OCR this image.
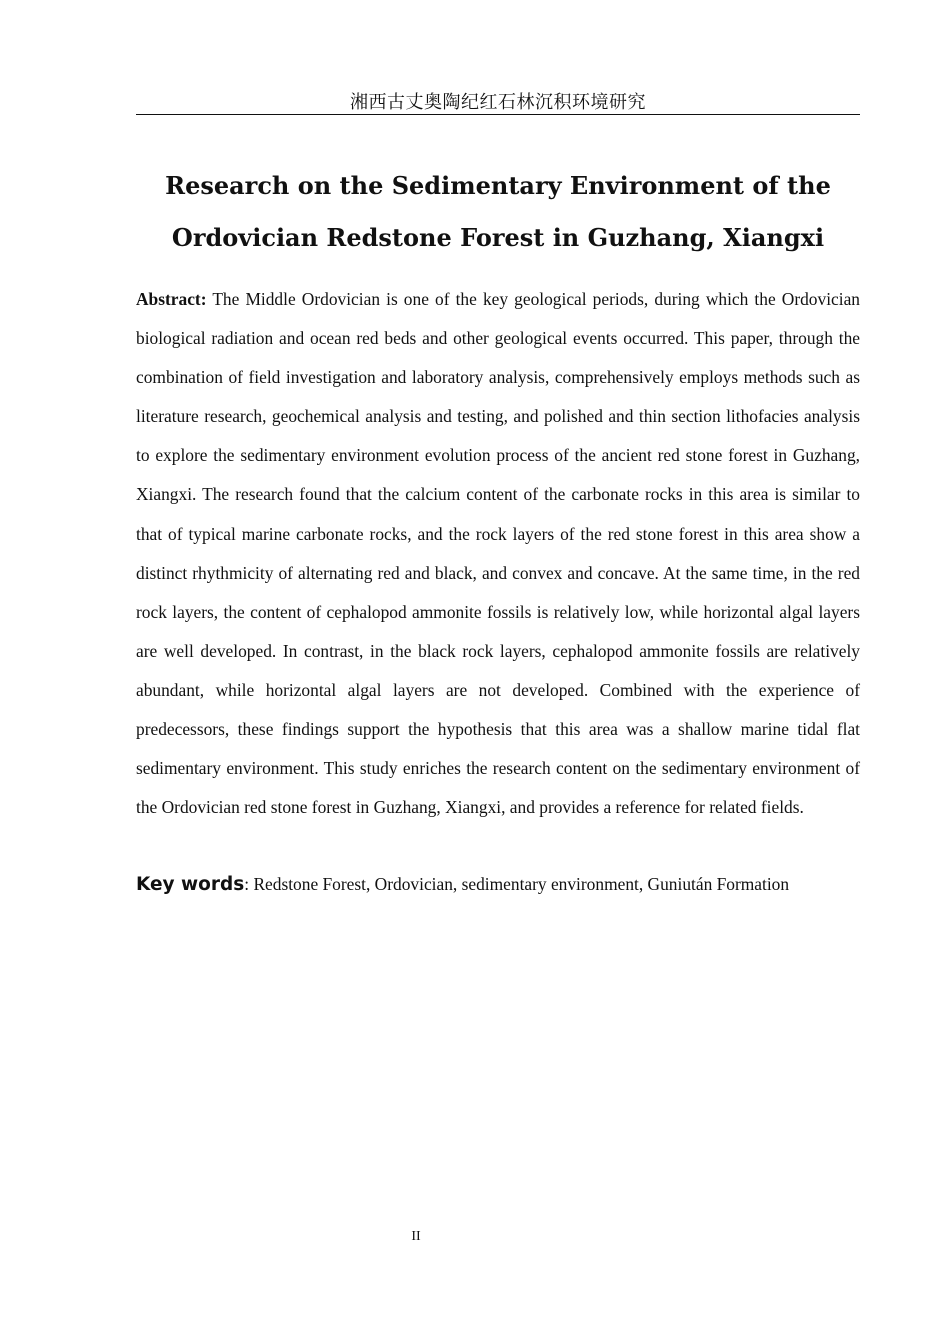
湘西古丈奥陶纪红石林沉积环境研究
Research on the Sedimentary Environment of the
Ordovician Redstone Forest in Guzhang, Xiangxi

Abstract: The Middle Ordovician is one of the key geological periods, during which the Ordovician biological radiation and ocean red beds and other geological events occurred. This paper, through the combination of field investigation and laboratory analysis, comprehensively employs methods such as literature research, geochemical analysis and testing, and polished and thin section lithofacies analysis to explore the sedimentary environment evolution process of the ancient red stone forest in Guzhang, Xiangxi. The research found that the calcium content of the carbonate rocks in this area is similar to that of typical marine carbonate rocks, and the rock layers of the red stone forest in this area show a distinct rhythmicity of alternating red and black, and convex and concave. At the same time, in the red rock layers, the content of cephalopod ammonite fossils is relatively low, while horizontal algal layers are well developed. In contrast, in the black rock layers, cephalopod ammonite fossils are relatively abundant, while horizontal algal layers are not developed. Combined with the experience of predecessors, these findings support the hypothesis that this area was a shallow marine tidal flat sedimentary environment. This study enriches the research content on the sedimentary environment of the Ordovician red stone forest in Guzhang, Xiangxi, and provides a reference for related fields.

Key words: Redstone Forest, Ordovician, sedimentary environment, Guniután Formation

II
